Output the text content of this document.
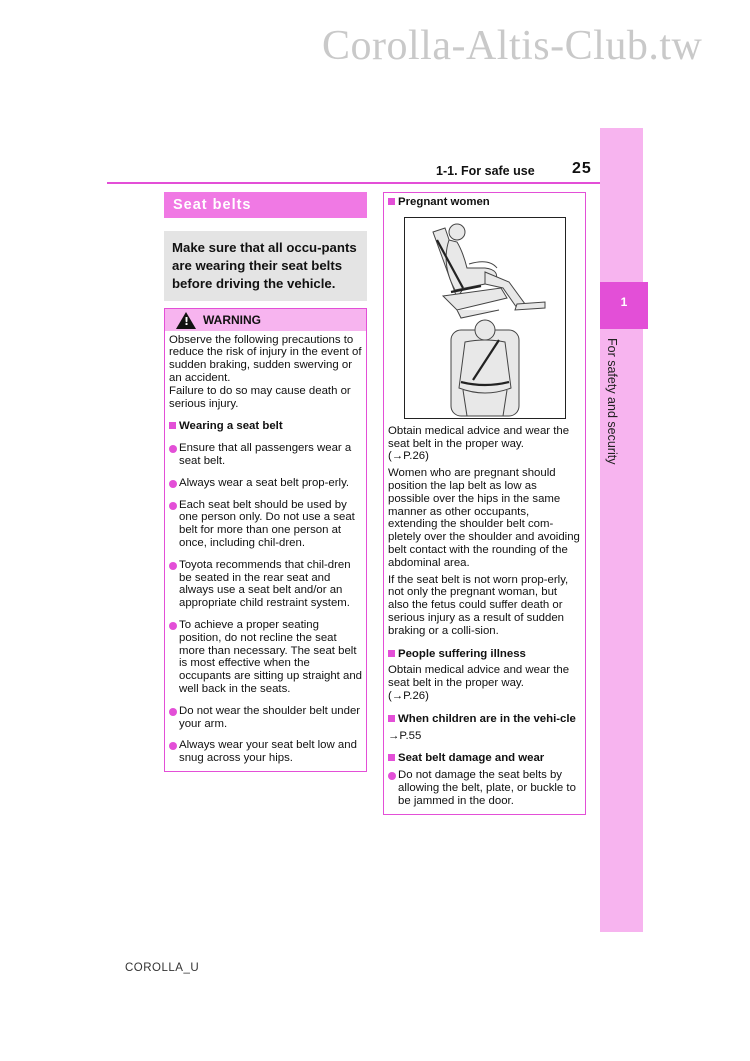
Corolla-Altis-Club.tw
1
For safety and security
1-1. For safe use 25
Seat belts
Make sure that all occu-pants are wearing their seat belts before driving the vehicle.
! WARNING
Observe the following precautions to reduce the risk of injury in the event of sudden braking, sudden swerving or an accident.
Failure to do so may cause death or serious injury.
Wearing a seat belt
Ensure that all passengers wear a seat belt.
Always wear a seat belt prop-erly.
Each seat belt should be used by one person only. Do not use a seat belt for more than one person at once, including chil-dren.
Toyota recommends that chil-dren be seated in the rear seat and always use a seat belt and/or an appropriate child restraint system.
To achieve a proper seating position, do not recline the seat more than necessary. The seat belt is most effective when the occupants are sitting up straight and well back in the seats.
Do not wear the shoulder belt under your arm.
Always wear your seat belt low and snug across your hips.
Pregnant women
Obtain medical advice and wear the seat belt in the proper way.
(→P.26)
Women who are pregnant should position the lap belt as low as possible over the hips in the same manner as other occupants, extending the shoulder belt com-pletely over the shoulder and avoiding belt contact with the rounding of the abdominal area.
If the seat belt is not worn prop-erly, not only the pregnant woman, but also the fetus could suffer death or serious injury as a result of sudden braking or a colli-sion.
People suffering illness
Obtain medical advice and wear the seat belt in the proper way.
(→P.26)
When children are in the vehi-cle
→P.55
Seat belt damage and wear
Do not damage the seat belts by allowing the belt, plate, or buckle to be jammed in the door.
COROLLA_U
